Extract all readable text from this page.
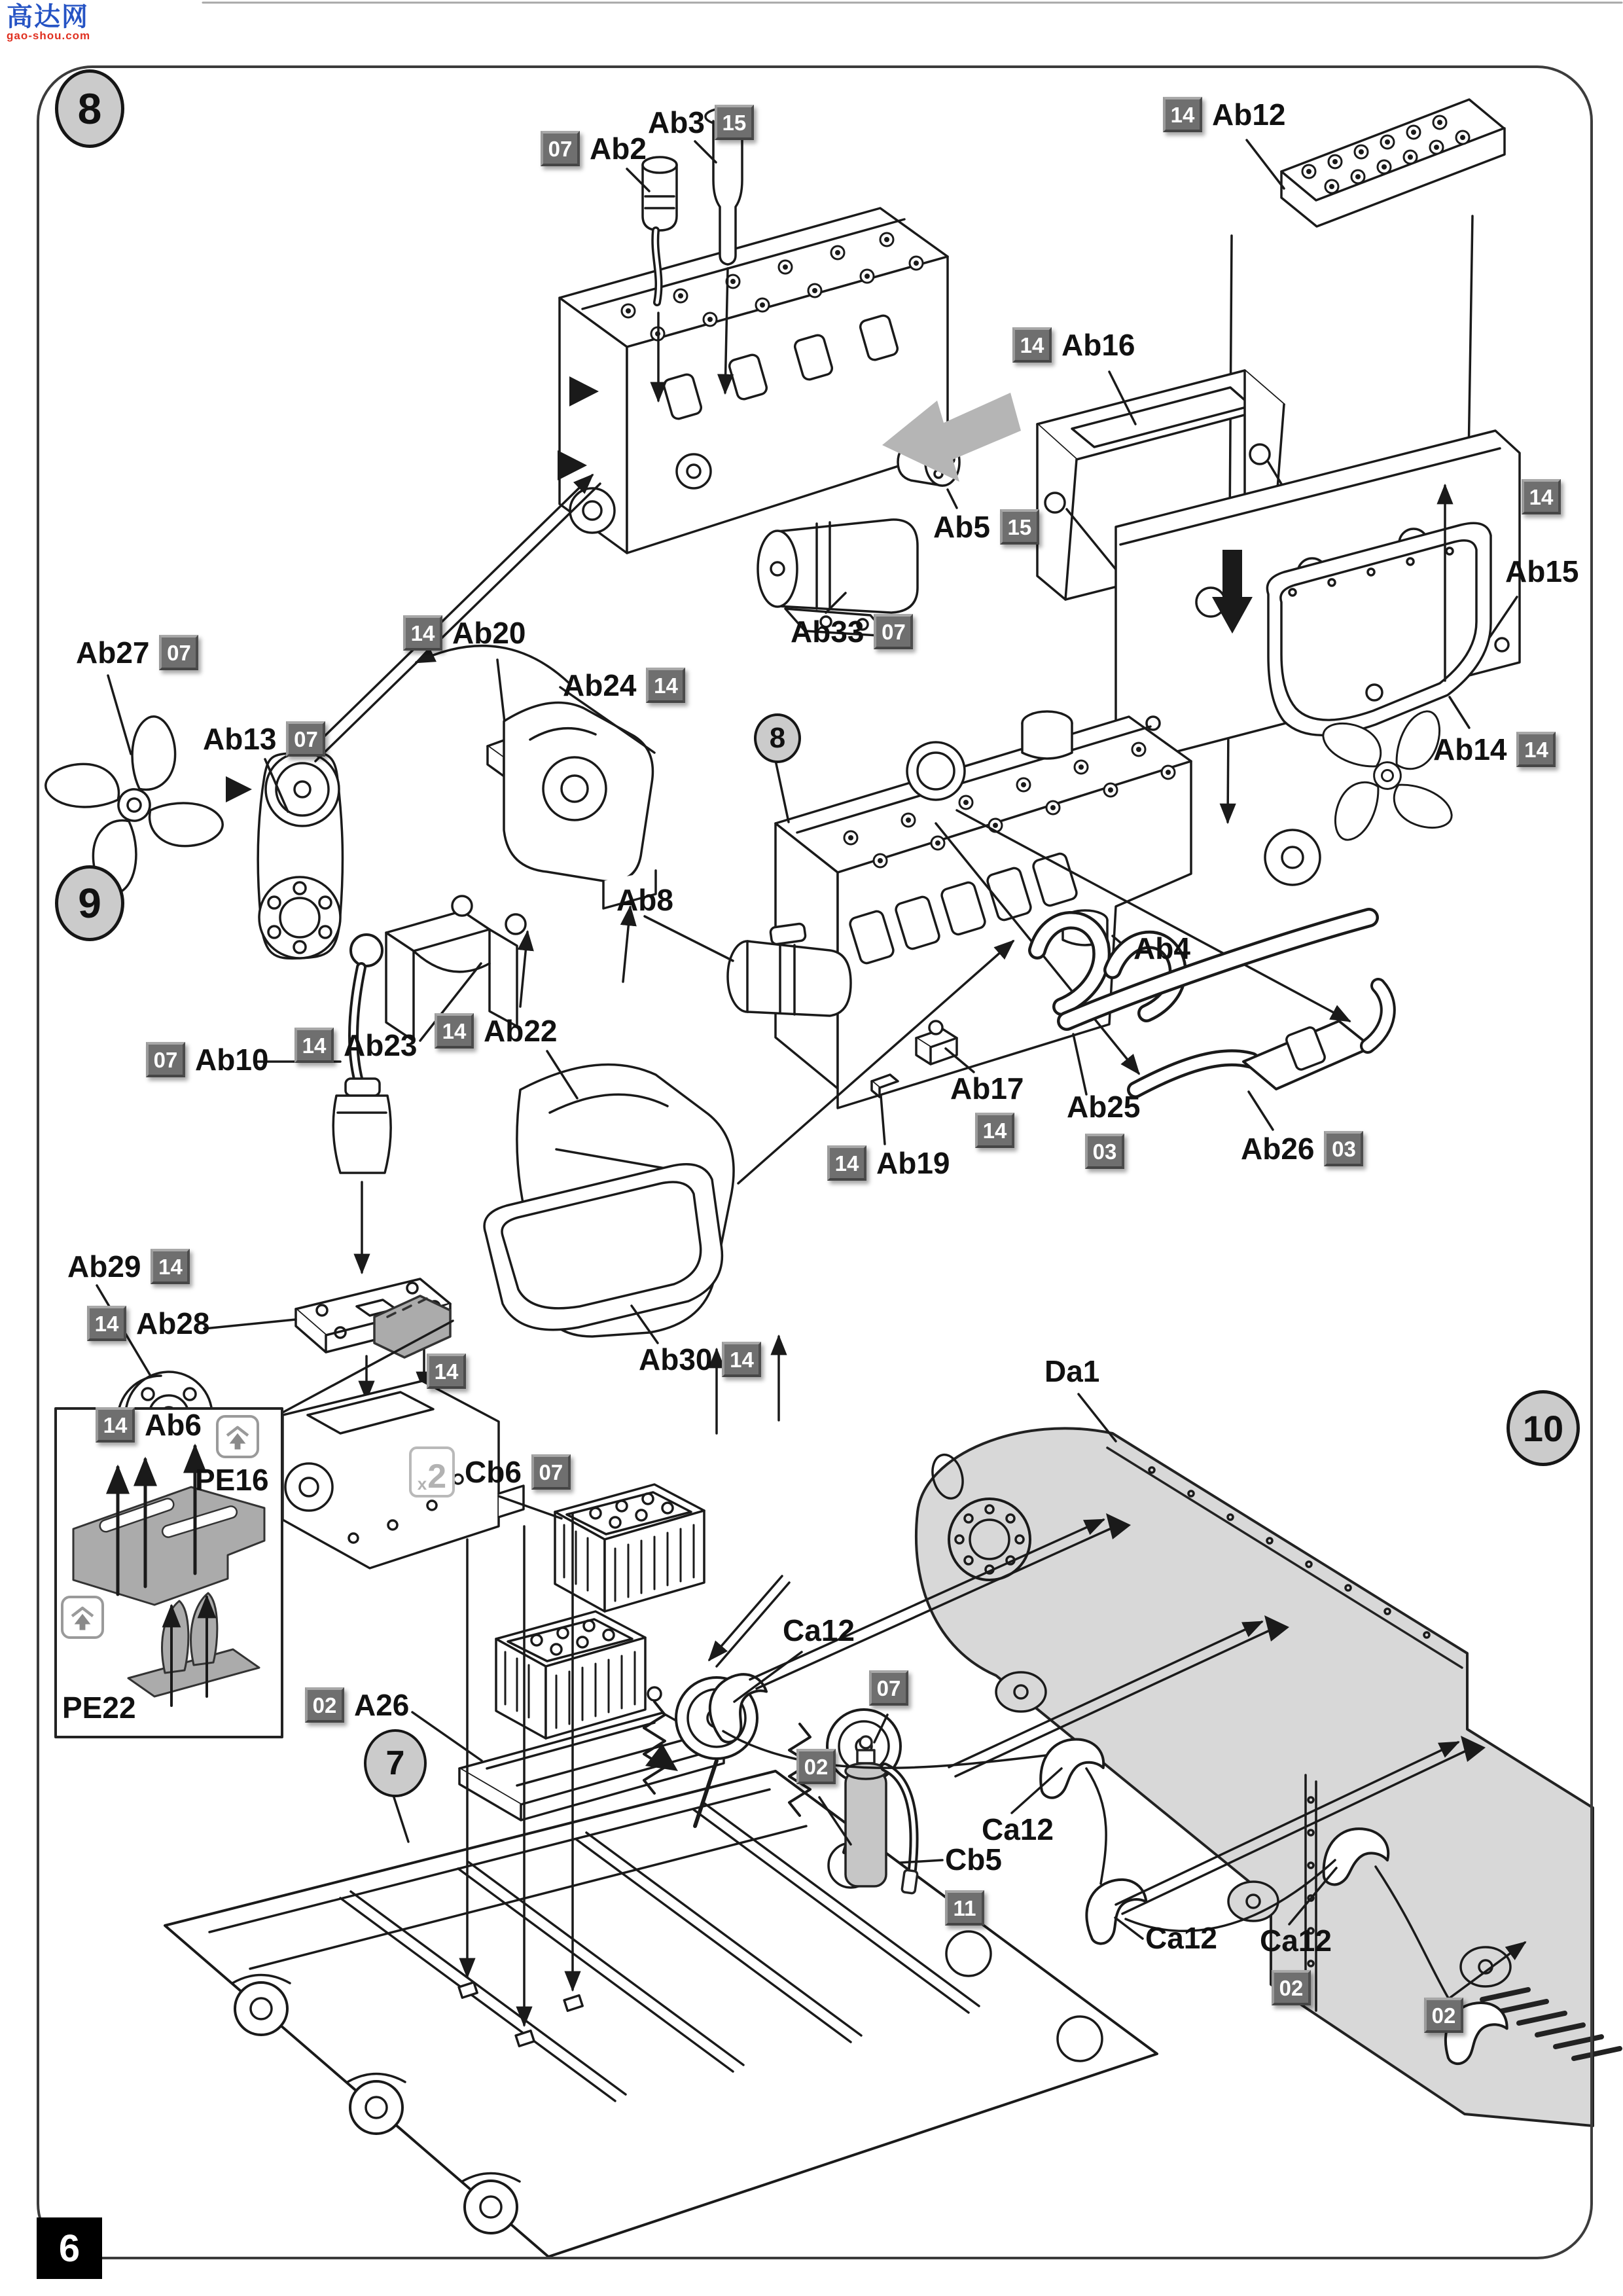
高达网
gao-shou.com
6
8
8
9
7
10
07 Ab2
Ab3 15	14 Ab12
14 Ab16
14
Ab15
Ab27 07
Ab13 07
14 Ab20
Ab24 14
14 Ab23
Ab5 15
Ab33 07
Ab14 14
07 Ab10
14 Ab22
Ab8
14 Ab28
14 Ab6
Ab29 14
14	Ab30 14
Ab4
Ab17
14
Ab25
03
14 Ab19	Ab26 03
PE16
PE22
x 2 Cb6 07
02 A26
Da1
Ca12
07
02
Cb5
11
Ca12
Ca12 Ca12
02
02
